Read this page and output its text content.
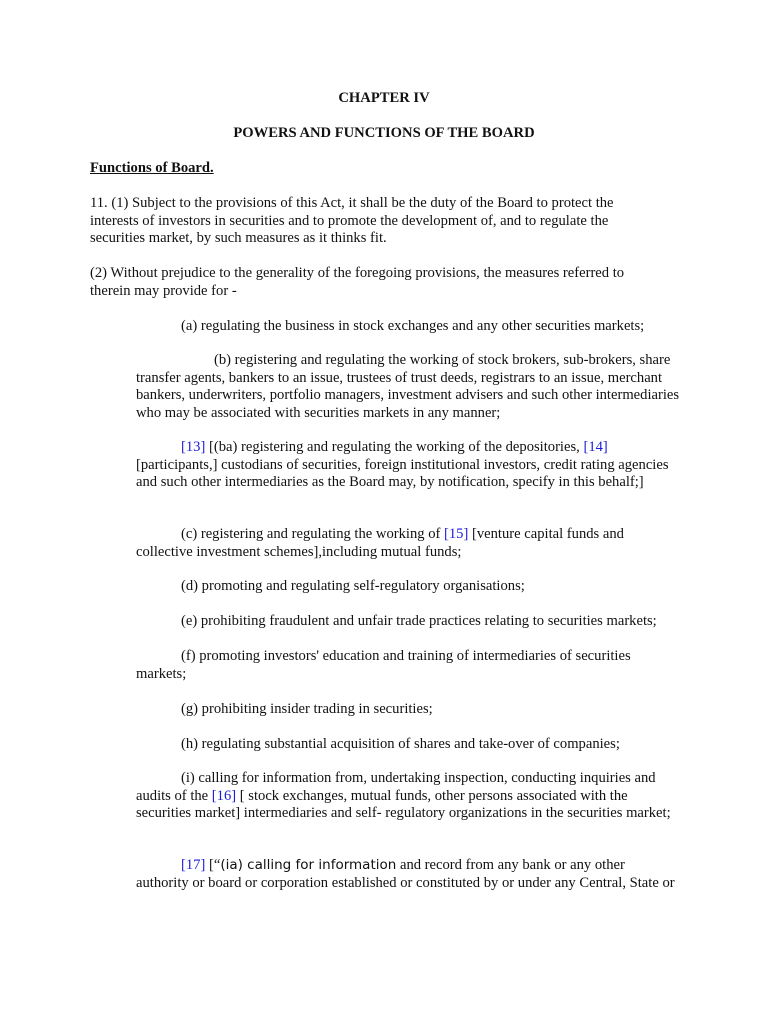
CHAPTER IV
POWERS AND FUNCTIONS OF THE BOARD
Functions of Board.
11. (1) Subject to the provisions of this Act, it shall be the duty of the Board to protect the interests of investors in securities and to promote the development of, and to regulate the securities market, by such measures as it thinks fit.
(2) Without prejudice to the generality of the foregoing provisions, the measures referred to therein may provide for -
(a) regulating the business in stock exchanges and any other securities markets;
(b) registering and regulating the working of stock brokers, sub-brokers, share transfer agents, bankers to an issue, trustees of trust deeds, registrars to an issue, merchant bankers, underwriters, portfolio managers, investment advisers and such other intermediaries who may be associated with securities markets in any manner;
[13] [(ba) registering and regulating the working of the depositories, [14] [participants,] custodians of securities, foreign institutional investors, credit rating agencies and such other intermediaries as the Board may, by notification, specify in this behalf;]
(c) registering and regulating the working of [15] [venture capital funds and collective investment schemes],including mutual funds;
(d) promoting and regulating self-regulatory organisations;
(e) prohibiting fraudulent and unfair trade practices relating to securities markets;
(f) promoting investors' education and training of intermediaries of securities markets;
(g) prohibiting insider trading in securities;
(h) regulating substantial acquisition of shares and take-over of companies;
(i) calling for information from, undertaking inspection, conducting inquiries and audits of the [16] [ stock exchanges, mutual funds, other persons associated with the securities market] intermediaries and self- regulatory organizations in the securities market;
[17] [“(ia) calling for information and record from any bank or any other authority or board or corporation established or constituted by or under any Central, State or
